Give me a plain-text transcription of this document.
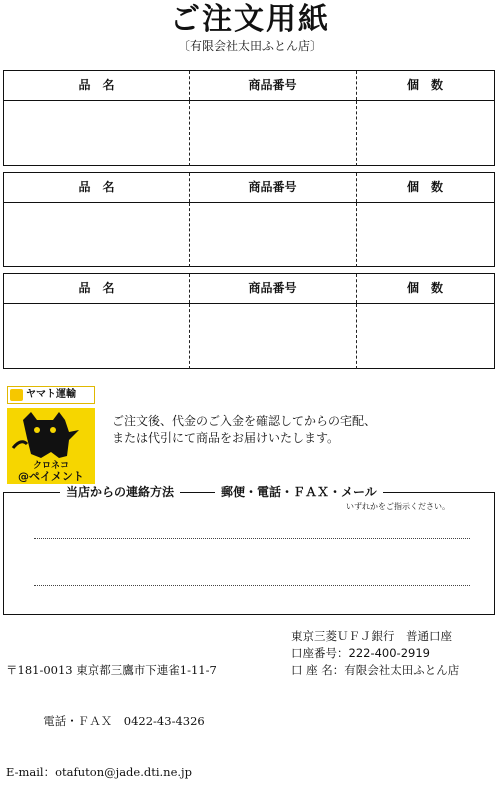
ご注文用紙
〔有限会社太田ふとん店〕
品　名	商品番号	個　数
品　名	商品番号	個　数
品　名	商品番号	個　数
ヤマト運輸
クロネコ
@ペイメント
ご注文後、代金のご入金を確認してからの宅配、
または代引にて商品をお届けいたします。
当店からの連絡方法	郵便・電話・ＦＡＸ・メール
いずれかをご指示ください。

〒181-0013 東京都三鷹市下連雀1-11-7

電話・ＦＡＸ　0422-43-4326

E-mail：otafuton@jade.dti.ne.jp

東京三菱ＵＦＪ銀行　普通口座
口座番号：222-400-2919
口 座 名：有限会社太田ふとん店
